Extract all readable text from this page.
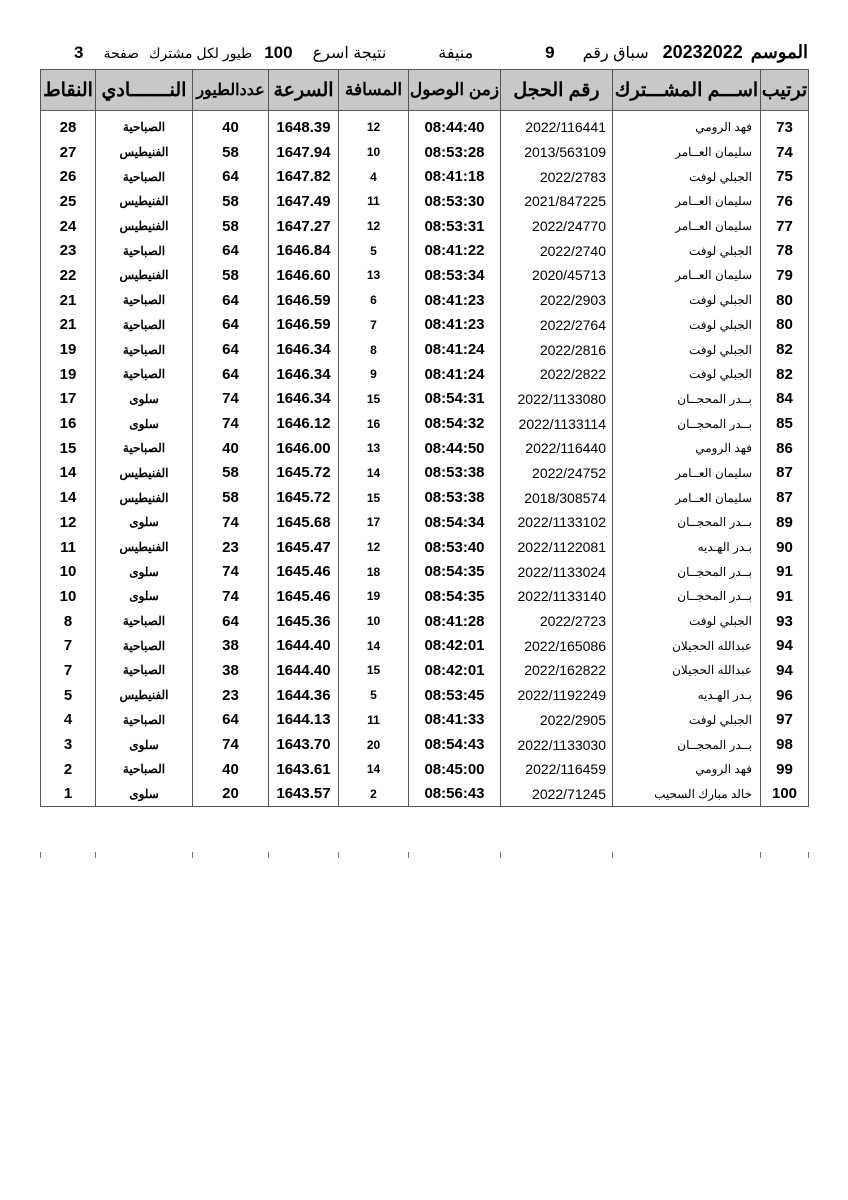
الموسم
20232022
سباق رقم
9
منيفة
نتيجة اسرع
100
طيور لكل مشترك
صفحة
3
النقاط	النـــــــادي	عددالطيور	السرعة	المسافة	زمن الوصول	رقم الحجل	اســـم المشـــترك	ترتيب
28	الصباحية	40	1648.39	12	08:44:40	2022/116441	فهد الرومي	73
27	الفنيطيس	58	1647.94	10	08:53:28	2013/563109	سليمان العــامر	74
26	الصباحية	64	1647.82	4	08:41:18	2022/2783	الجبلي لوفت	75
25	الفنيطيس	58	1647.49	11	08:53:30	2021/847225	سليمان العــامر	76
24	الفنيطيس	58	1647.27	12	08:53:31	2022/24770	سليمان العــامر	77
23	الصباحية	64	1646.84	5	08:41:22	2022/2740	الجبلي لوفت	78
22	الفنيطيس	58	1646.60	13	08:53:34	2020/45713	سليمان العــامر	79
21	الصباحية	64	1646.59	6	08:41:23	2022/2903	الجبلي لوفت	80
21	الصباحية	64	1646.59	7	08:41:23	2022/2764	الجبلي لوفت	80
19	الصباحية	64	1646.34	8	08:41:24	2022/2816	الجبلي لوفت	82
19	الصباحية	64	1646.34	9	08:41:24	2022/2822	الجبلي لوفت	82
17	سلوى	74	1646.34	15	08:54:31	2022/1133080	بــدر المحجــان	84
16	سلوى	74	1646.12	16	08:54:32	2022/1133114	بــدر المحجــان	85
15	الصباحية	40	1646.00	13	08:44:50	2022/116440	فهد الرومي	86
14	الفنيطيس	58	1645.72	14	08:53:38	2022/24752	سليمان العــامر	87
14	الفنيطيس	58	1645.72	15	08:53:38	2018/308574	سليمان العــامر	87
12	سلوى	74	1645.68	17	08:54:34	2022/1133102	بــدر المحجــان	89
11	الفنيطيس	23	1645.47	12	08:53:40	2022/1122081	بـدر الهـديه	90
10	سلوى	74	1645.46	18	08:54:35	2022/1133024	بــدر المحجــان	91
10	سلوى	74	1645.46	19	08:54:35	2022/1133140	بــدر المحجــان	91
8	الصباحية	64	1645.36	10	08:41:28	2022/2723	الجبلي لوفت	93
7	الصباحية	38	1644.40	14	08:42:01	2022/165086	عبدالله الحجيلان	94
7	الصباحية	38	1644.40	15	08:42:01	2022/162822	عبدالله الحجيلان	94
5	الفنيطيس	23	1644.36	5	08:53:45	2022/1192249	بـدر الهـديه	96
4	الصباحية	64	1644.13	11	08:41:33	2022/2905	الجبلي لوفت	97
3	سلوى	74	1643.70	20	08:54:43	2022/1133030	بــدر المحجــان	98
2	الصباحية	40	1643.61	14	08:45:00	2022/116459	فهد الرومي	99
1	سلوى	20	1643.57	2	08:56:43	2022/71245	خالد مبارك السحيب	100
